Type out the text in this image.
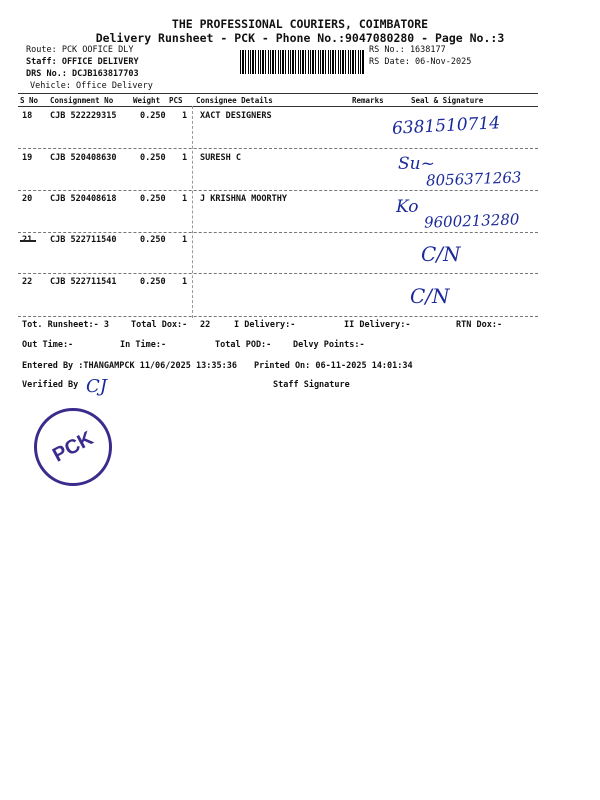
THE PROFESSIONAL COURIERS, COIMBATORE
Delivery Runsheet - PCK - Phone No.:9047080280 - Page No.:3
Route: PCK OOFICE DLY
Staff: OFFICE DELIVERY
DRS No.: DCJB163817703
Vehicle: Office Delivery
RS No.: 1638177
RS Date: 06-Nov-2025
S No Consignment No	Weight PCS Consignee Details	Remarks	Seal & Signature
18 CJB 522229315	0.250 1 XACT DESIGNERS	6381510714
19 CJB 520408630	0.250 1 SURESH C	Su~
8056371263
20 CJB 520408618	0.250 1 J KRISHNA MOORTHY	Ko
9600213280
21 CJB 522711540	0.250 1
C/N
22 CJB 522711541	0.250 1
C/N
Tot. Runsheet:- 3	Total Dox:- 22	I Delivery:-	II Delivery:-	RTN Dox:-
Out Time:-	In Time:-	Total POD:-	Delvy Points:-
Entered By :THANGAMPCK 11/06/2025 13:35:36 Printed On: 06-11-2025 14:01:34
Verified By CJ	Staff Signature
PCK
